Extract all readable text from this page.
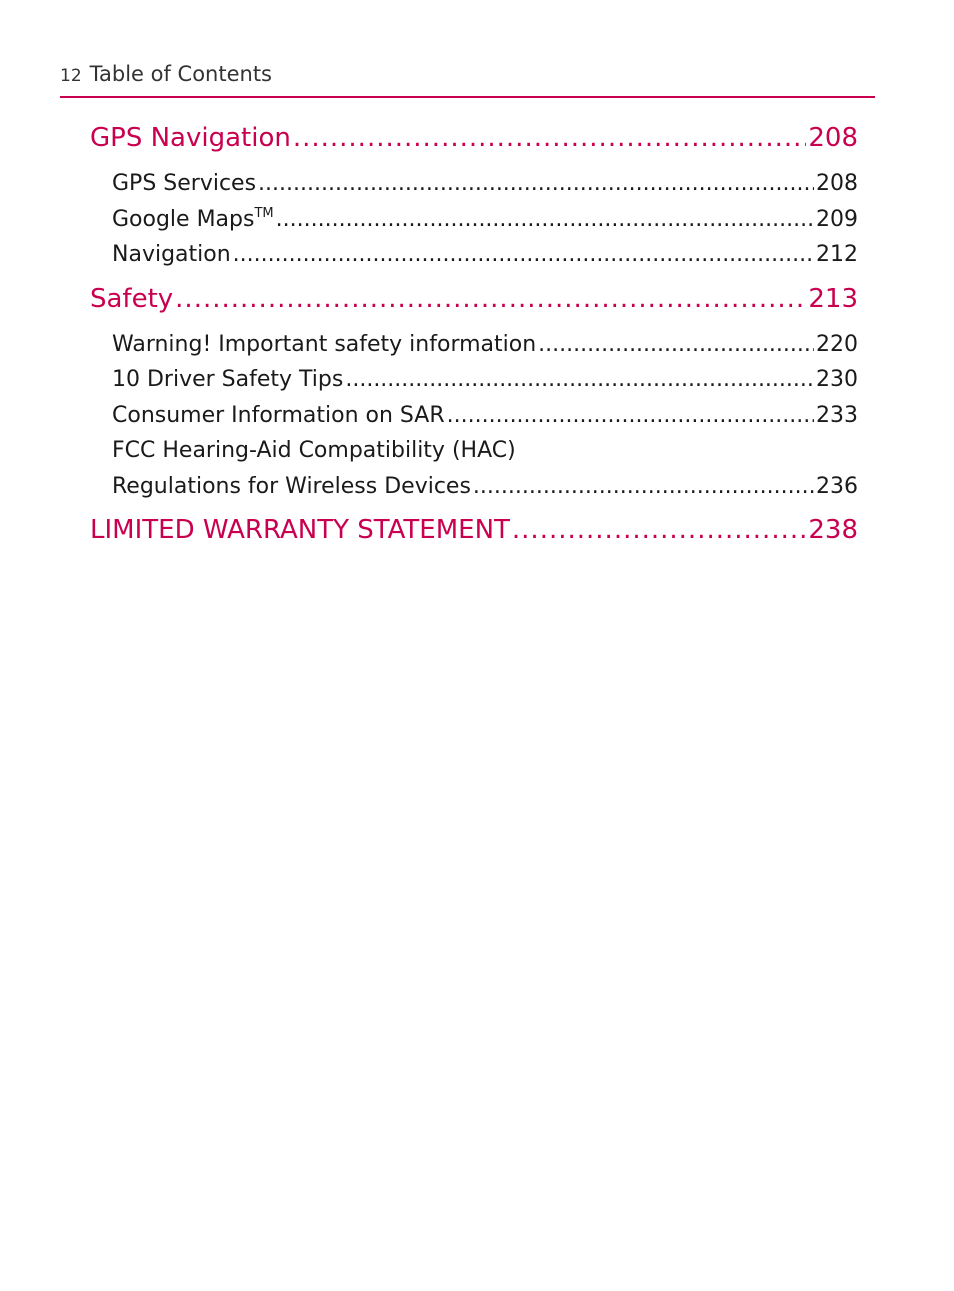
12 Table of Contents
GPS Navigation .....	208
GPS Services .....	208
Google Maps™ .....	209
Navigation .....	212
Safety .....	213
Warning! Important safety information .....	220
10 Driver Safety Tips .....	230
Consumer Information on SAR .....	233
FCC Hearing-Aid Compatibility (HAC)
Regulations for Wireless Devices .....	236
LIMITED WARRANTY STATEMENT .....	238
